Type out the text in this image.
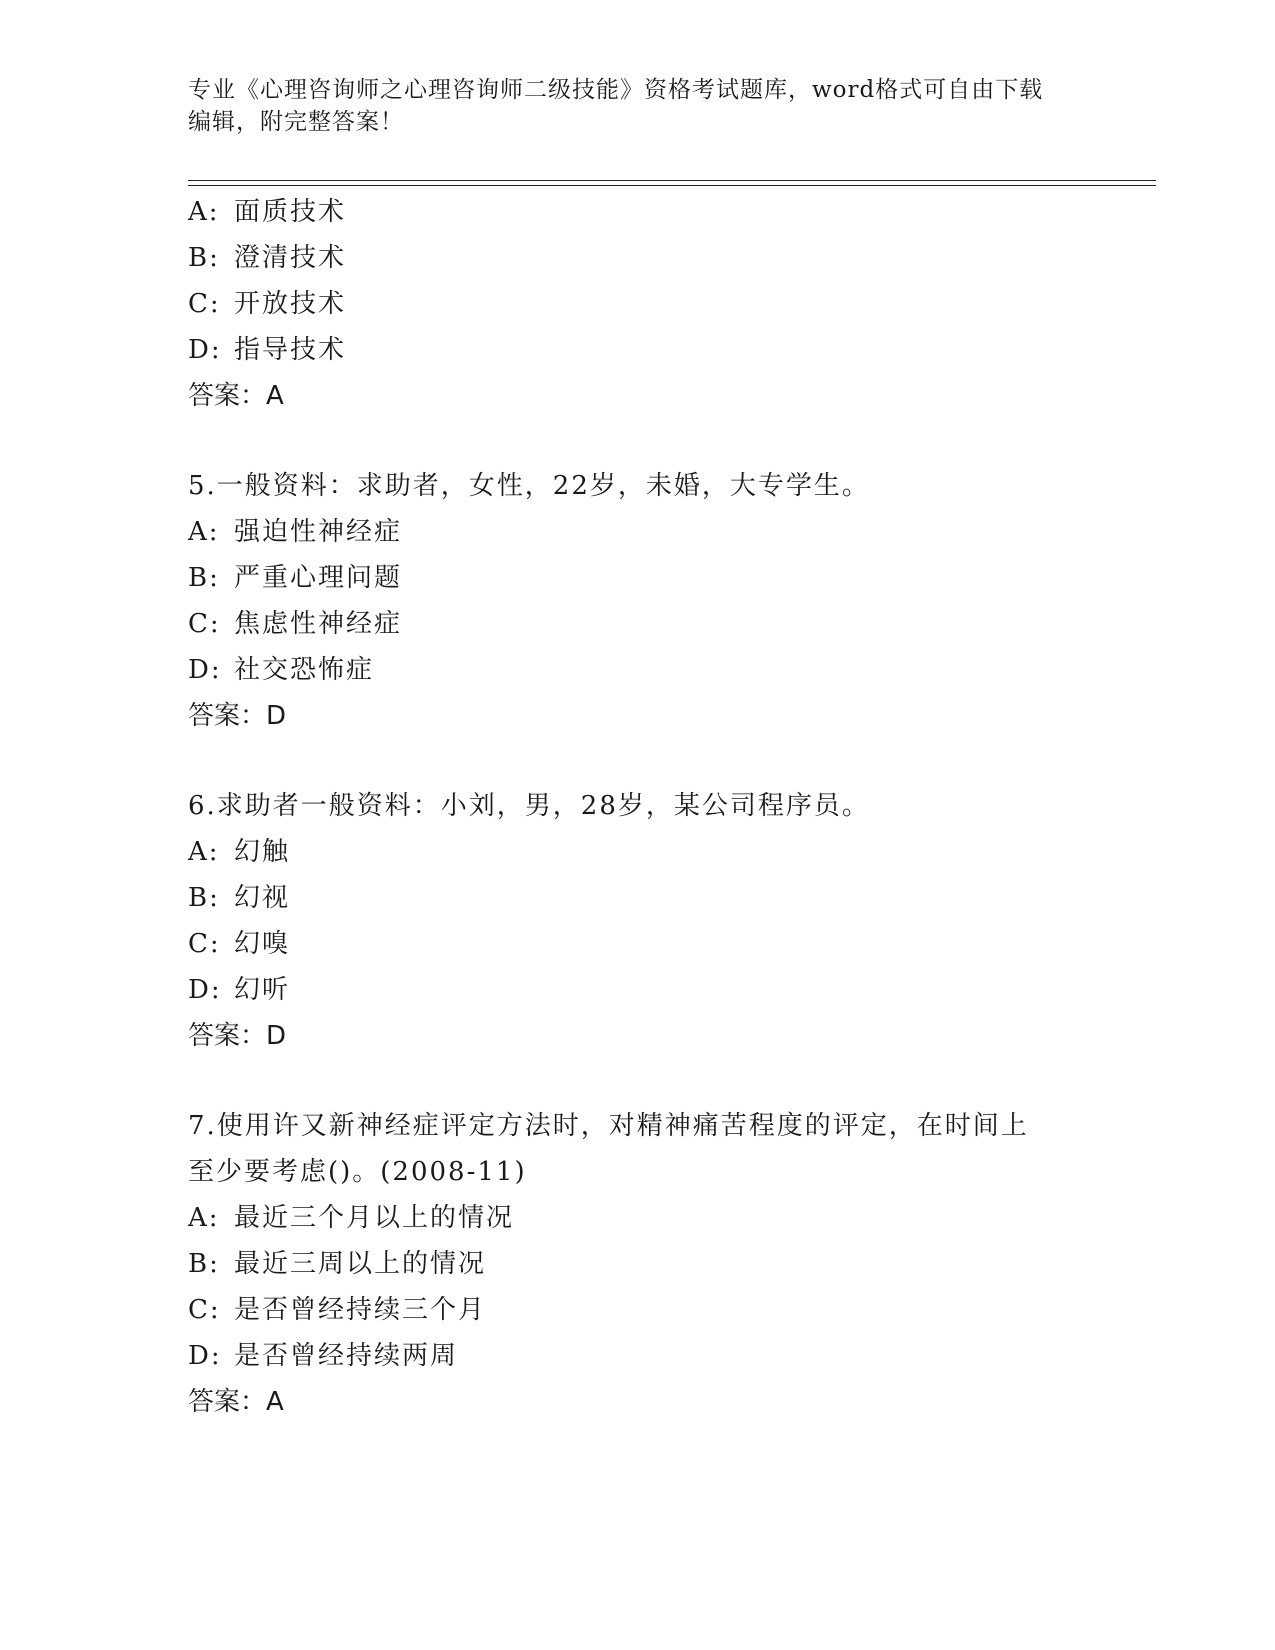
专业《心理咨询师之心理咨询师二级技能》资格考试题库，word格式可自由下载
编辑，附完整答案！
A: 面质技术
B: 澄清技术
C: 开放技术
D: 指导技术
答案：A
5.一般资料：求助者，女性，22岁，未婚，大专学生。
A: 强迫性神经症
B: 严重心理问题
C: 焦虑性神经症
D: 社交恐怖症
答案：D
6.求助者一般资料：小刘，男，28岁，某公司程序员。
A: 幻触
B: 幻视
C: 幻嗅
D: 幻听
答案：D
7.使用许又新神经症评定方法时，对精神痛苦程度的评定，在时间上
至少要考虑()。(2008-11)
A: 最近三个月以上的情况
B: 最近三周以上的情况
C: 是否曾经持续三个月
D: 是否曾经持续两周
答案：A
